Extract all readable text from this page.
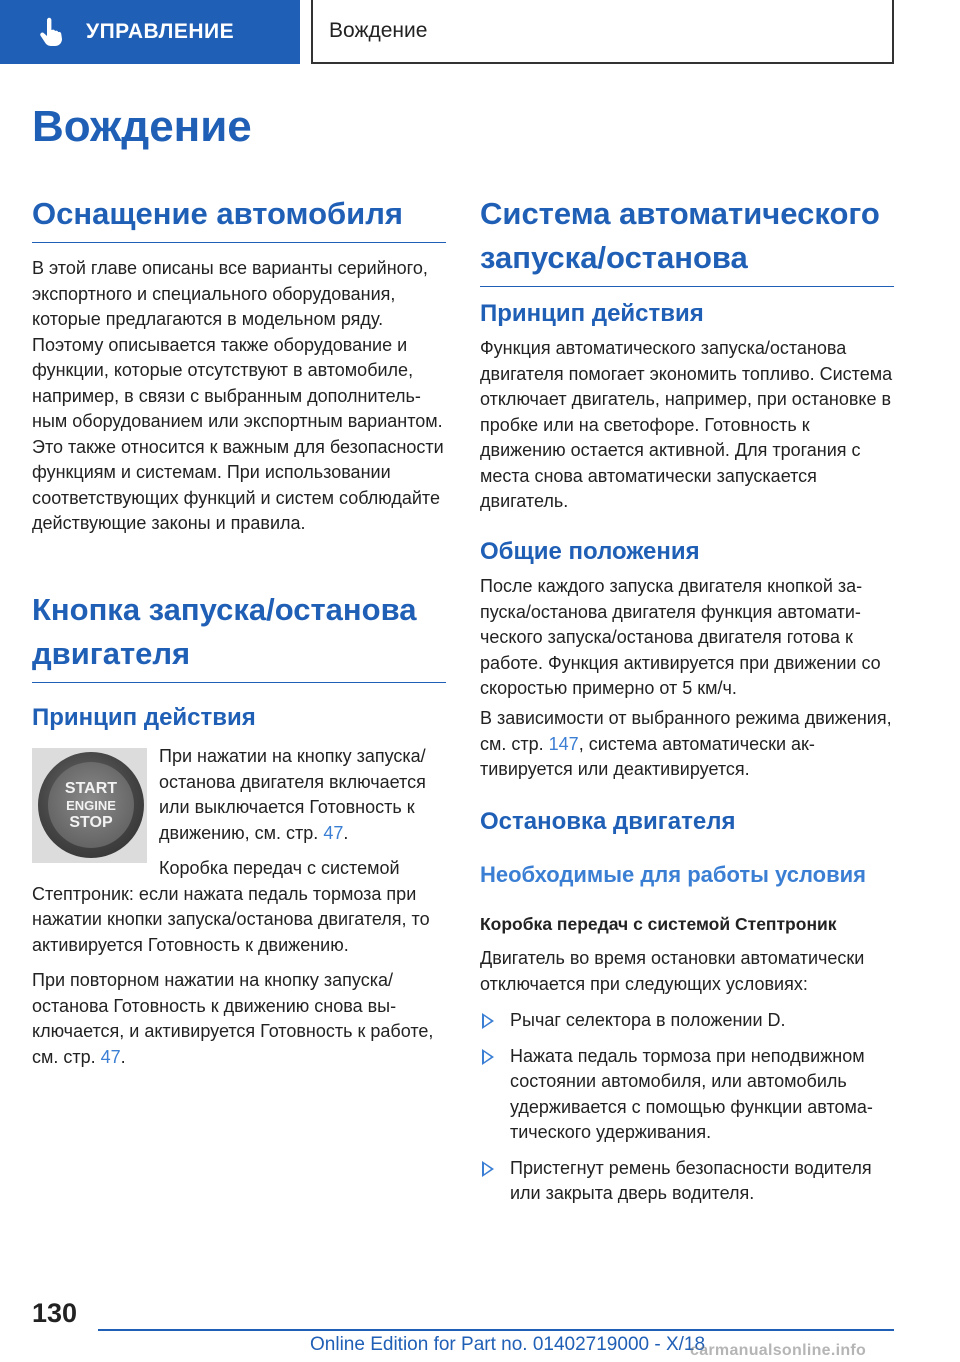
УПРАВЛЕНИЕ	Вождение
Вождение
Оснащение автомобиля

В этой главе описаны все варианты серийного, экспортного и специального оборудования, которые предлагаются в модельном ряду. Поэтому описывается также оборудование и функции, которые отсутствуют в автомобиле, например, в связи с выбранным дополнительным оборудованием или экспортным вариантом. Это также относится к важным для безопасности функциям и системам. При использовании соответствующих функций и систем соблюдайте действующие законы и правила.

Кнопка запуска/останова двигателя
Принцип действия
START
ENGINE
STOP

При нажатии на кнопку запуска/останова двигателя включается или выключается Готовность к движению, см. стр. 47.

Коробка передач с системой Стептроник: если нажата педаль тормоза при нажатии кнопки запуска/останова двигателя, то активируется Готовность к движению.

При повторном нажатии на кнопку запуска/останова Готовность к движению снова выключается, и активируется Готовность к работе, см. стр. 47.

Система автоматического запуска/останова
Принцип действия

Функция автоматического запуска/останова двигателя помогает экономить топливо. Система отключает двигатель, например, при остановке в пробке или на светофоре. Готовность к движению остается активной. Для трогания с места снова автоматически запускается двигатель.

Общие положения

После каждого запуска двигателя кнопкой запуска/останова двигателя функция автоматического запуска/останова двигателя готова к работе. Функция активируется при движении со скоростью примерно от 5 км/ч.

В зависимости от выбранного режима движения, см. стр. 147, система автоматически активируется или деактивируется.

Остановка двигателя
Необходимые для работы условия
Коробка передач с системой Стептроник

Двигатель во время остановки автоматически отключается при следующих условиях:

Рычаг селектора в положении D.
Нажата педаль тормоза при неподвижном состоянии автомобиля, или автомобиль удерживается с помощью функции автоматического удерживания.
Пристегнут ремень безопасности водителя или закрыта дверь водителя.
130
Online Edition for Part no. 01402719000 - X/18
carmanualsonline.info
